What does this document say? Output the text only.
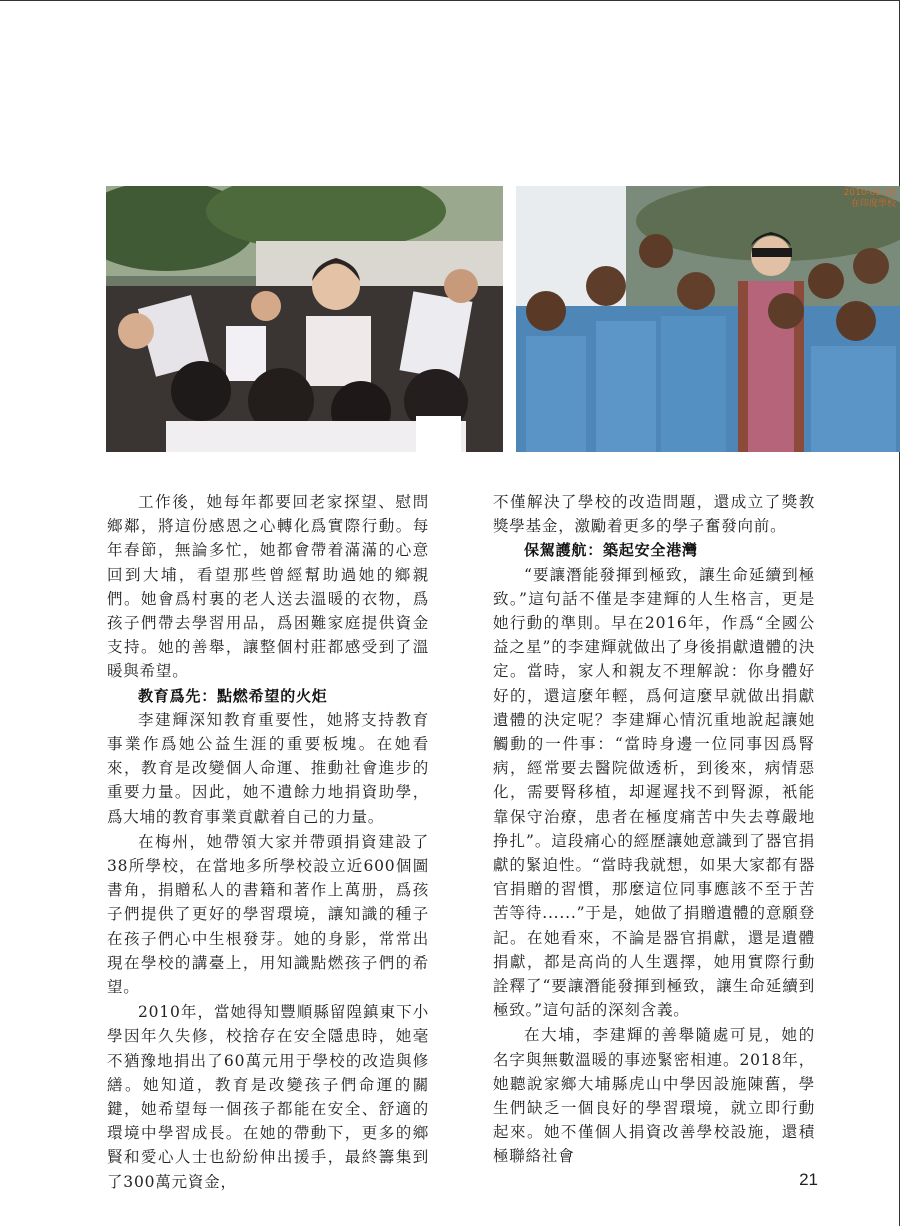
2010-02-20
在印度學校

工作後，她每年都要回老家探望、慰問鄉鄰，將這份感恩之心轉化爲實際行動。每年春節，無論多忙，她都會帶着滿滿的心意回到大埔，看望那些曾經幫助過她的鄉親們。她會爲村裏的老人送去溫暖的衣物，爲孩子們帶去學習用品，爲困難家庭提供資金支持。她的善舉，讓整個村莊都感受到了溫暖與希望。

教育爲先：點燃希望的火炬

李建輝深知教育重要性，她將支持教育事業作爲她公益生涯的重要板塊。在她看來，教育是改變個人命運、推動社會進步的重要力量。因此，她不遺餘力地捐資助學，爲大埔的教育事業貢獻着自己的力量。

在梅州，她帶領大家并帶頭捐資建設了38所學校，在當地多所學校設立近600個圖書角，捐贈私人的書籍和著作上萬册，爲孩子們提供了更好的學習環境，讓知識的種子在孩子們心中生根發芽。她的身影，常常出現在學校的講臺上，用知識點燃孩子們的希望。

2010年，當她得知豐順縣留隍鎮東下小學因年久失修，校捨存在安全隱患時，她毫不猶豫地捐出了60萬元用于學校的改造與修繕。她知道，教育是改變孩子們命運的關鍵，她希望每一個孩子都能在安全、舒適的環境中學習成長。在她的帶動下，更多的鄉賢和愛心人士也紛紛伸出援手，最終籌集到了300萬元資金，

不僅解決了學校的改造問題，還成立了獎教獎學基金，激勵着更多的學子奮發向前。

保駕護航：築起安全港灣

“要讓潛能發揮到極致，讓生命延續到極致。”這句話不僅是李建輝的人生格言，更是她行動的準則。早在2016年，作爲“全國公益之星”的李建輝就做出了身後捐獻遺體的決定。當時，家人和親友不理解說：你身體好好的，還這麼年輕，爲何這麼早就做出捐獻遺體的決定呢？李建輝心情沉重地說起讓她觸動的一件事：“當時身邊一位同事因爲腎病，經常要去醫院做透析，到後來，病情惡化，需要腎移植，却遲遲找不到腎源，衹能靠保守治療，患者在極度痛苦中失去尊嚴地挣扎”。這段痛心的經歷讓她意識到了器官捐獻的緊迫性。“當時我就想，如果大家都有器官捐贈的習慣，那麼這位同事應該不至于苦苦等待......”于是，她做了捐贈遺體的意願登記。在她看來，不論是器官捐獻，還是遺體捐獻，都是高尚的人生選擇，她用實際行動詮釋了“要讓潛能發揮到極致，讓生命延續到極致。”這句話的深刻含義。

在大埔，李建輝的善舉隨處可見，她的名字與無數溫暖的事迹緊密相連。2018年，她聽說家鄉大埔縣虎山中學因設施陳舊，學生們缺乏一個良好的學習環境，就立即行動起來。她不僅個人捐資改善學校設施，還積極聯絡社會

21
